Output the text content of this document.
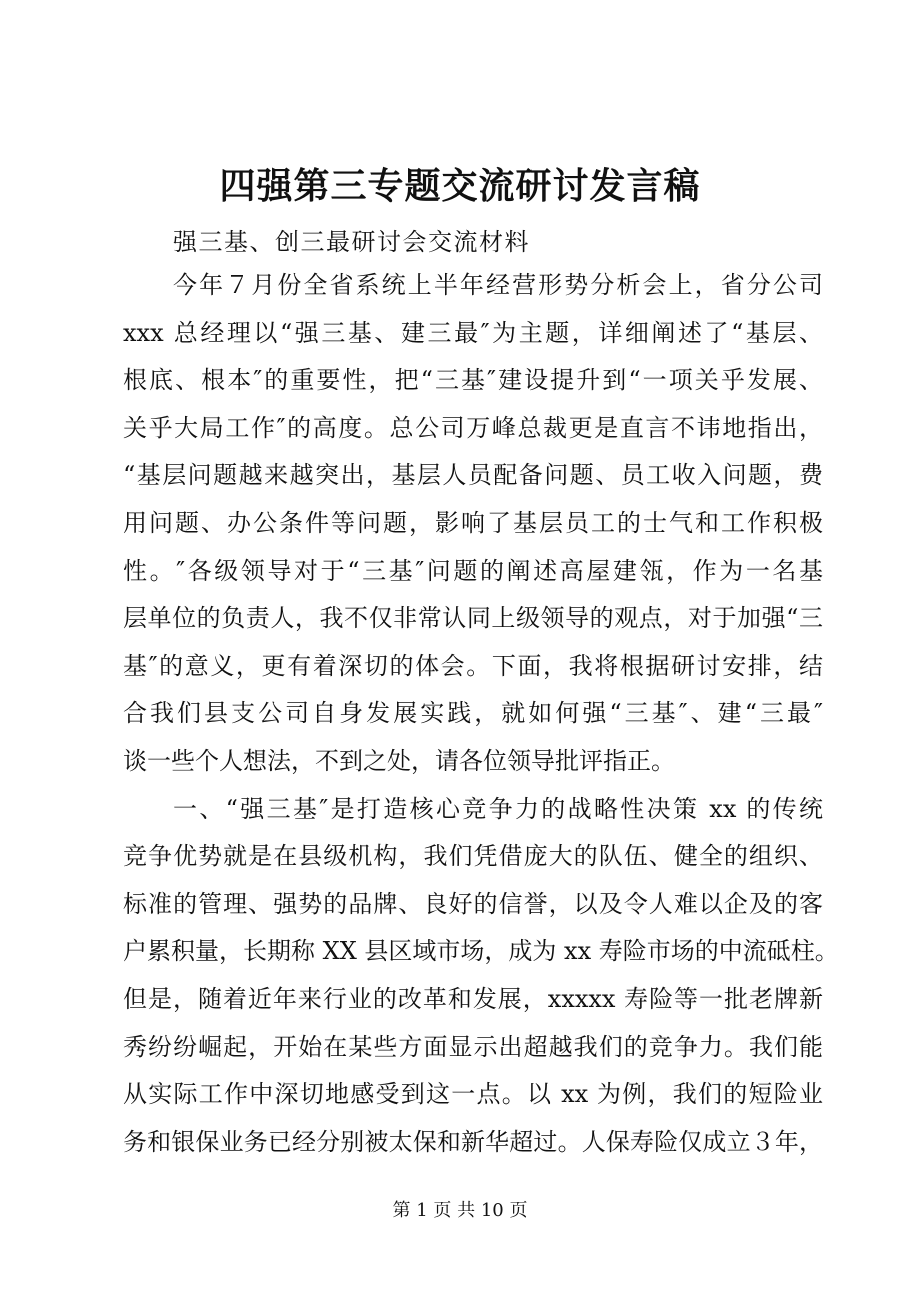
四强第三专题交流研讨发言稿
强三基、创三最研讨会交流材料
今年７月份全省系统上半年经营形势分析会上，省分公司
xxx 总经理以“强三基、建三最″为主题，详细阐述了“基层、
根底、根本″的重要性，把“三基″建设提升到“一项关乎发展、
关乎大局工作″的高度。总公司万峰总裁更是直言不讳地指出，
“基层问题越来越突出，基层人员配备问题、员工收入问题，费
用问题、办公条件等问题，影响了基层员工的士气和工作积极
性。″各级领导对于“三基″问题的阐述高屋建瓴，作为一名基
层单位的负责人，我不仅非常认同上级领导的观点，对于加强“三
基″的意义，更有着深切的体会。下面，我将根据研讨安排，结
合我们县支公司自身发展实践，就如何强“三基″、建“三最″
谈一些个人想法，不到之处，请各位领导批评指正。
一、“强三基″是打造核心竞争力的战略性决策 xx 的传统
竞争优势就是在县级机构，我们凭借庞大的队伍、健全的组织、
标准的管理、强势的品牌、良好的信誉，以及令人难以企及的客
户累积量，长期称 XX 县区域市场，成为 xx 寿险市场的中流砥柱。
但是，随着近年来行业的改革和发展，xxxxx 寿险等一批老牌新
秀纷纷崛起，开始在某些方面显示出超越我们的竞争力。我们能
从实际工作中深切地感受到这一点。以 xx 为例，我们的短险业
务和银保业务已经分别被太保和新华超过。人保寿险仅成立３年，
第 1 页 共 10 页
